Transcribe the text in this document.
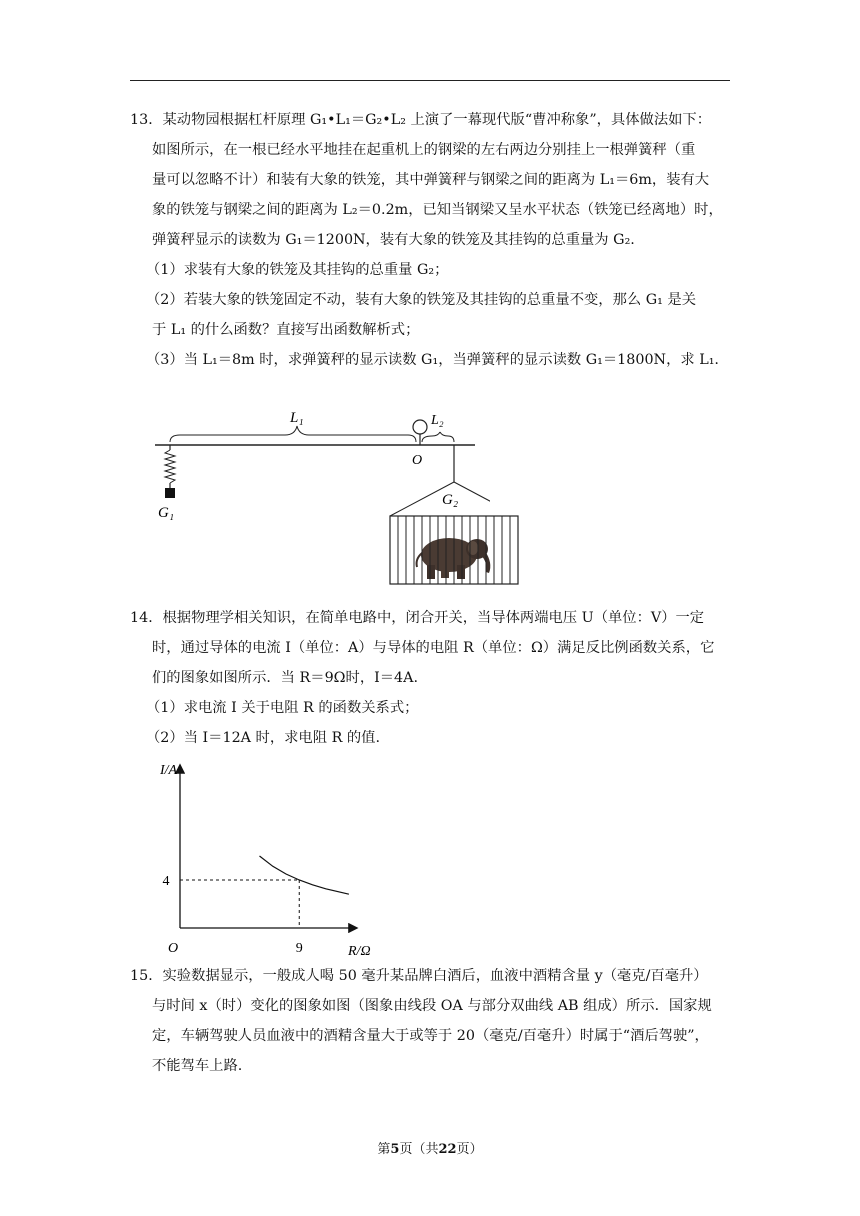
13．某动物园根据杠杆原理 G₁•L₁＝G₂•L₂ 上演了一幕现代版“曹冲称象”，具体做法如下：
如图所示，在一根已经水平地挂在起重机上的钢梁的左右两边分别挂上一根弹簧秤（重
量可以忽略不计）和装有大象的铁笼，其中弹簧秤与钢梁之间的距离为 L₁＝6m，装有大
象的铁笼与钢梁之间的距离为 L₂＝0.2m，已知当钢梁又呈水平状态（铁笼已经离地）时，
弹簧秤显示的读数为 G₁＝1200N，装有大象的铁笼及其挂钩的总重量为 G₂.
（1）求装有大象的铁笼及其挂钩的总重量 G₂；
（2）若装大象的铁笼固定不动，装有大象的铁笼及其挂钩的总重量不变，那么 G₁ 是关
于 L₁ 的什么函数？直接写出函数解析式；
（3）当 L₁＝8m 时，求弹簧秤的显示读数 G₁，当弹簧秤的显示读数 G₁＝1800N，求 L₁.
L₁	L₂
O
G₁
G₂
14．根据物理学相关知识，在简单电路中，闭合开关，当导体两端电压 U（单位：V）一定
时，通过导体的电流 I（单位：A）与导体的电阻 R（单位：Ω）满足反比例函数关系，它
们的图象如图所示．当 R＝9Ω时，I＝4A.
（1）求电流 I 关于电阻 R 的函数关系式；
（2）当 I＝12A 时，求电阻 R 的值.
I/A
R/Ω
O	9
4
15．实验数据显示，一般成人喝 50 毫升某品牌白酒后，血液中酒精含量 y（毫克/百毫升）
与时间 x（时）变化的图象如图（图象由线段 OA 与部分双曲线 AB 组成）所示．国家规
定，车辆驾驶人员血液中的酒精含量大于或等于 20（毫克/百毫升）时属于“酒后驾驶”，
不能驾车上路.
第5页（共22页）
